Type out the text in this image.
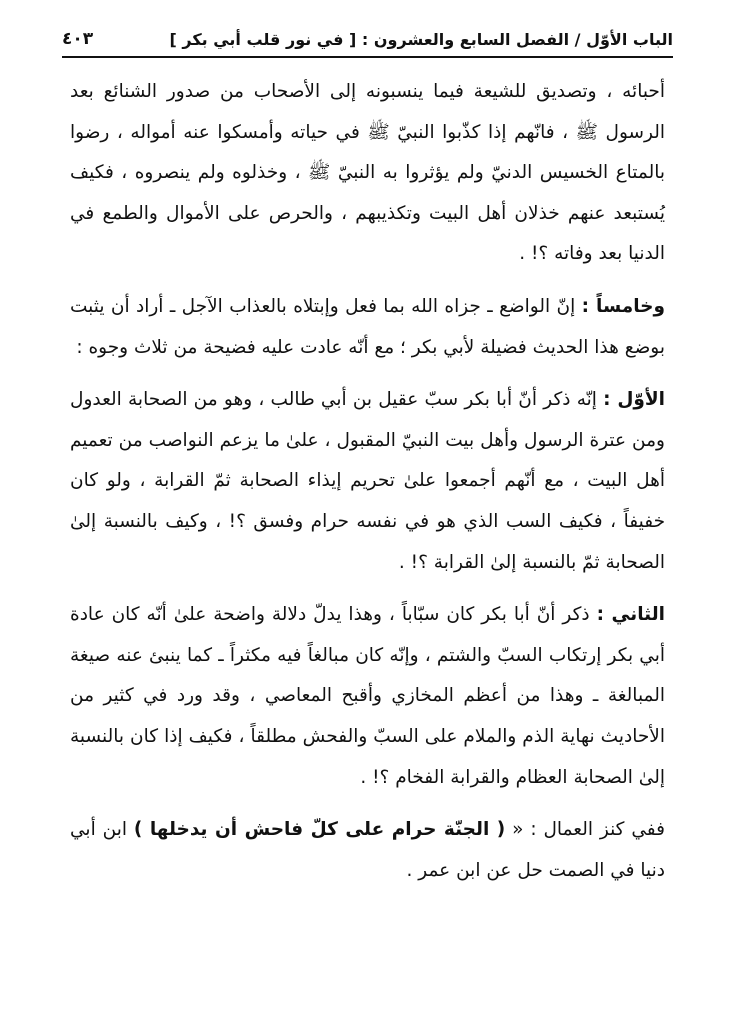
الباب الأوّل / الفصل السابع والعشرون : [ في نور قلب أبي بكر ]
٤٠٣

أحبائه ، وتصديق للشيعة فيما ينسبونه إلى الأصحاب من صدور الشنائع بعد الرسول ﷺ ، فانّهم إذا كذّبوا النبيّ ﷺ في حياته وأمسكوا عنه أمواله ، رضوا بالمتاع الخسيس الدنيّ ولم يؤثروا به النبيّ ﷺ ، وخذلوه ولم ينصروه ، فكيف يُستبعد عنهم خذلان أهل البيت وتكذيبهم ، والحرص على الأموال والطمع في الدنيا بعد وفاته ؟! .

وخامساً : إنّ الواضع ـ جزاه الله بما فعل وإبتلاه بالعذاب الآجل ـ أراد أن يثبت بوضع هذا الحديث فضيلة لأبي بكر ؛ مع أنّه عادت عليه فضيحة من ثلاث وجوه :

الأوّل : إنّه ذكر أنّ أبا بكر سبّ عقيل بن أبي طالب ، وهو من الصحابة العدول ومن عترة الرسول وأهل بيت النبيّ المقبول ، علىٰ ما يزعم النواصب من تعميم أهل البيت ، مع أنّهم أجمعوا علىٰ تحريم إيذاء الصحابة ثمّ القرابة ، ولو كان خفيفاً ، فكيف السب الذي هو في نفسه حرام وفسق ؟! ، وكيف بالنسبة إلىٰ الصحابة ثمّ بالنسبة إلىٰ القرابة ؟! .

الثاني : ذكر أنّ أبا بكر كان سبّاباً ، وهذا يدلّ دلالة واضحة علىٰ أنّه كان عادة أبي بكر إرتكاب السبّ والشتم ، وإنّه كان مبالغاً فيه مكثراً ـ كما ينبئ عنه صيغة المبالغة ـ وهذا من أعظم المخازي وأقبح المعاصي ، وقد ورد في كثير من الأحاديث نهاية الذم والملام على السبّ والفحش مطلقاً ، فكيف إذا كان بالنسبة إلىٰ الصحابة العظام والقرابة الفخام ؟! .

ففي كنز العمال : « ( الجنّة حرام على كلّ فاحش أن يدخلها ) ابن أبي دنيا في الصمت حل عن ابن عمر .
